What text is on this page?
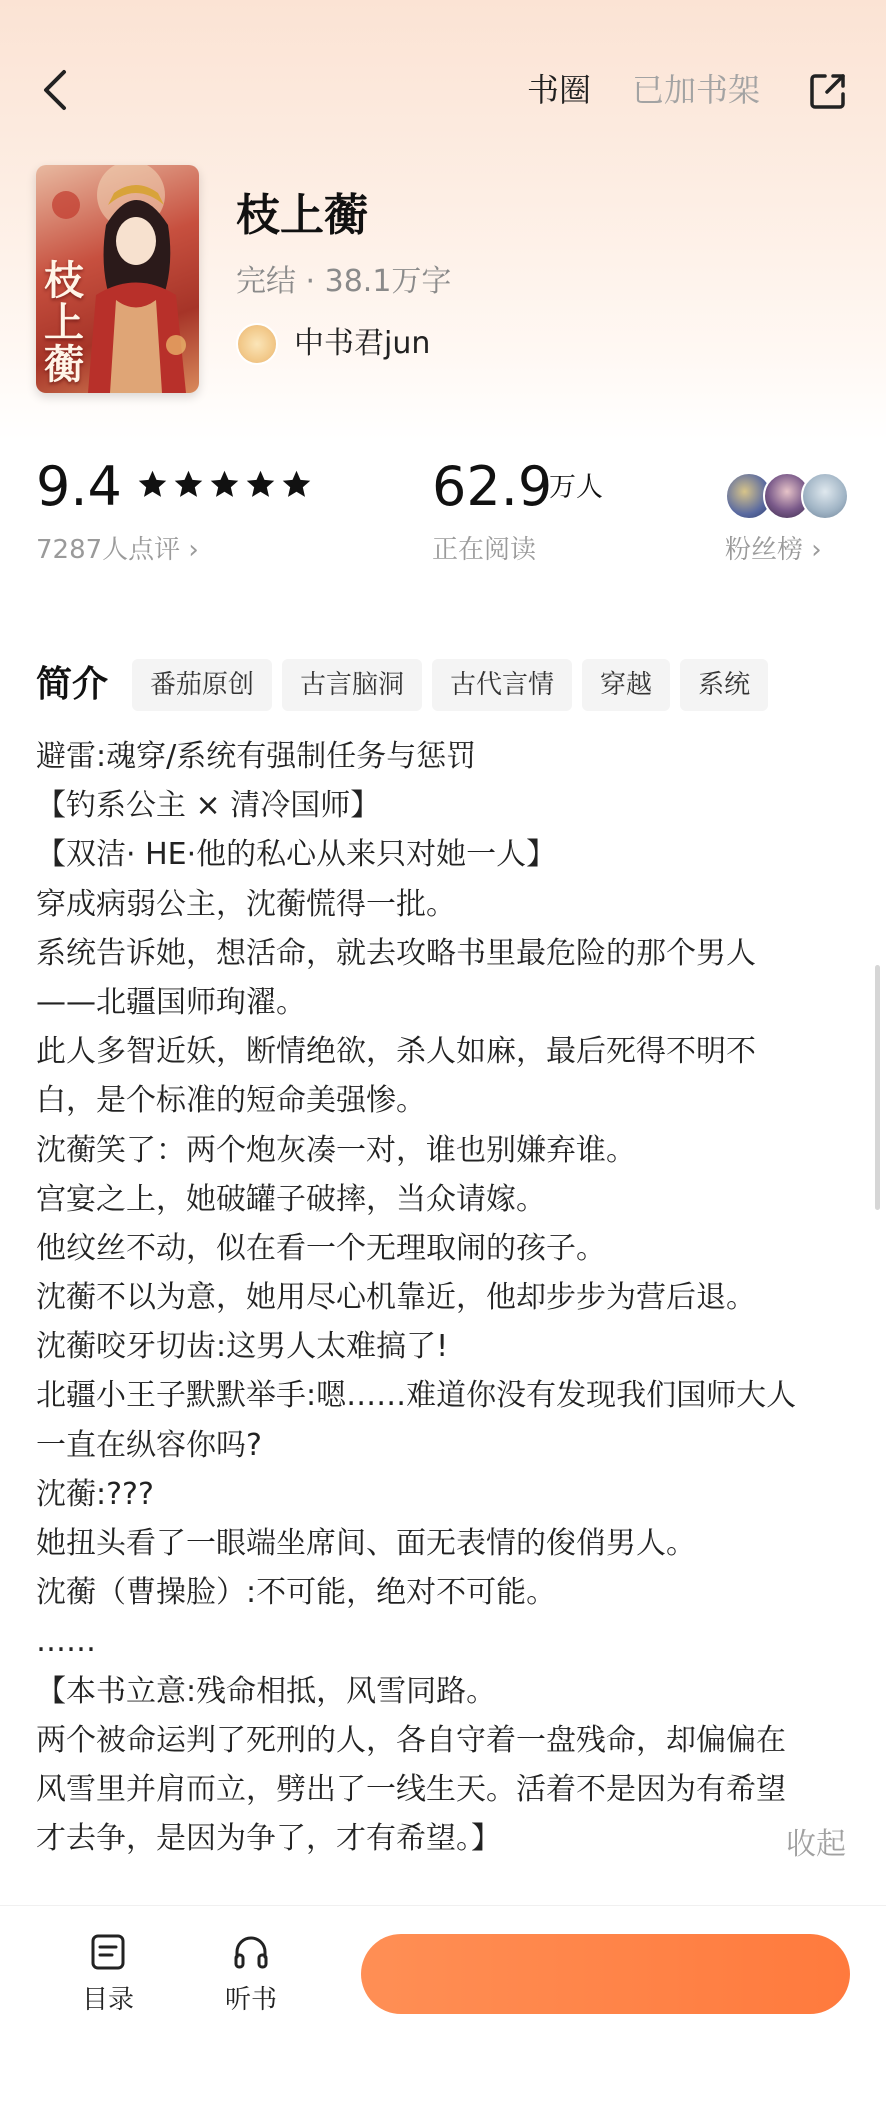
书圈 已加书架
枝上蘅
枝上蘅
完结 · 38.1万字
中书君jun
9.4
7287人点评 ›
62.9
万人
正在阅读	粉丝榜 ›
简介	番茄原创	古言脑洞	古代言情	穿越	系统
避雷:魂穿/系统有强制任务与惩罚
【钓系公主 × 清冷国师】
【双洁· HE·他的私心从来只对她一人】
穿成病弱公主，沈蘅慌得一批。
系统告诉她，想活命，就去攻略书里最危险的那个男人
——北疆国师珣濯。
此人多智近妖，断情绝欲，杀人如麻，最后死得不明不
白，是个标准的短命美强惨。
沈蘅笑了：两个炮灰凑一对，谁也别嫌弃谁。
宫宴之上，她破罐子破摔，当众请嫁。
他纹丝不动，似在看一个无理取闹的孩子。
沈蘅不以为意，她用尽心机靠近，他却步步为营后退。
沈蘅咬牙切齿:这男人太难搞了!
北疆小王子默默举手:嗯……难道你没有发现我们国师大人
一直在纵容你吗?
沈蘅:???
她扭头看了一眼端坐席间、面无表情的俊俏男人。
沈蘅（曹操脸）:不可能，绝对不可能。
……
【本书立意:残命相抵，风雪同路。
两个被命运判了死刑的人，各自守着一盘残命，却偏偏在
风雪里并肩而立，劈出了一线生天。活着不是因为有希望
才去争，是因为争了，才有希望。】	收起
目录	听书
